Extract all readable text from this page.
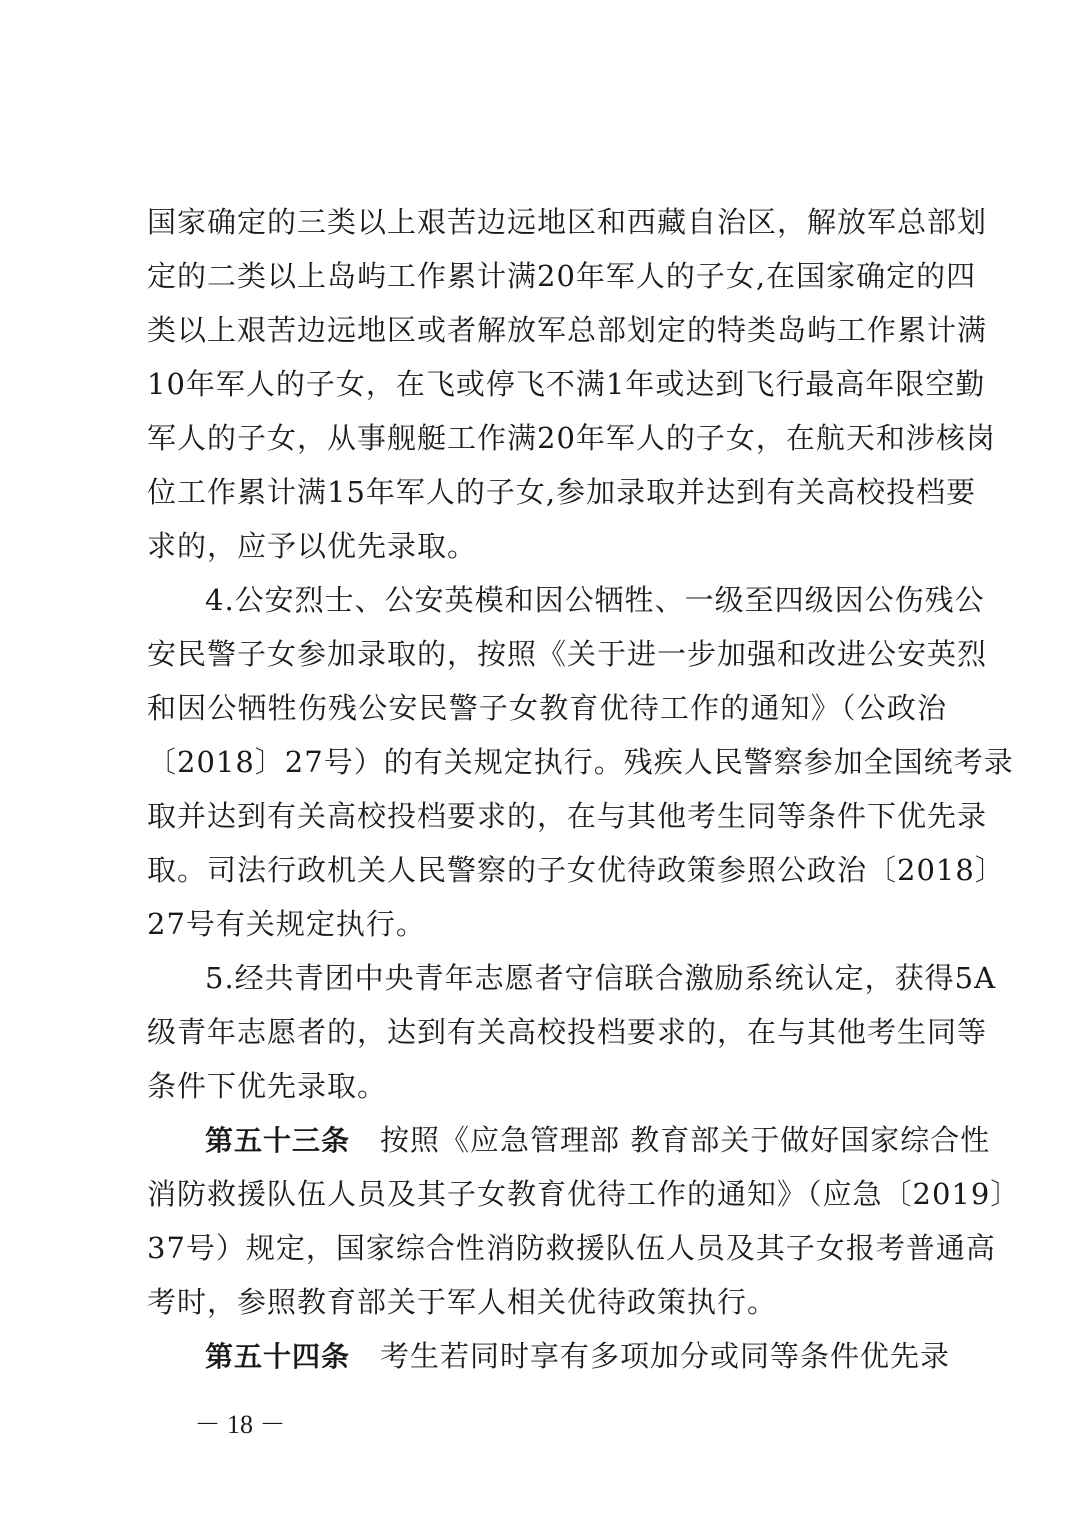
国家确定的三类以上艰苦边远地区和西藏自治区，解放军总部划
定的二类以上岛屿工作累计满20年军人的子女,在国家确定的四
类以上艰苦边远地区或者解放军总部划定的特类岛屿工作累计满
10年军人的子女，在飞或停飞不满1年或达到飞行最高年限空勤
军人的子女，从事舰艇工作满20年军人的子女，在航天和涉核岗
位工作累计满15年军人的子女,参加录取并达到有关高校投档要
求的，应予以优先录取。
4.公安烈士、公安英模和因公牺牲、一级至四级因公伤残公
安民警子女参加录取的，按照《关于进一步加强和改进公安英烈
和因公牺牲伤残公安民警子女教育优待工作的通知》（公政治
〔2018〕27号）的有关规定执行。残疾人民警察参加全国统考录
取并达到有关高校投档要求的，在与其他考生同等条件下优先录
取。司法行政机关人民警察的子女优待政策参照公政治〔2018〕
27号有关规定执行。
5.经共青团中央青年志愿者守信联合激励系统认定，获得5A
级青年志愿者的，达到有关高校投档要求的，在与其他考生同等
条件下优先录取。
第五十三条 按照《应急管理部 教育部关于做好国家综合性
消防救援队伍人员及其子女教育优待工作的通知》（应急〔2019〕
37号）规定，国家综合性消防救援队伍人员及其子女报考普通高
考时，参照教育部关于军人相关优待政策执行。
第五十四条 考生若同时享有多项加分或同等条件优先录
－ 18 －
